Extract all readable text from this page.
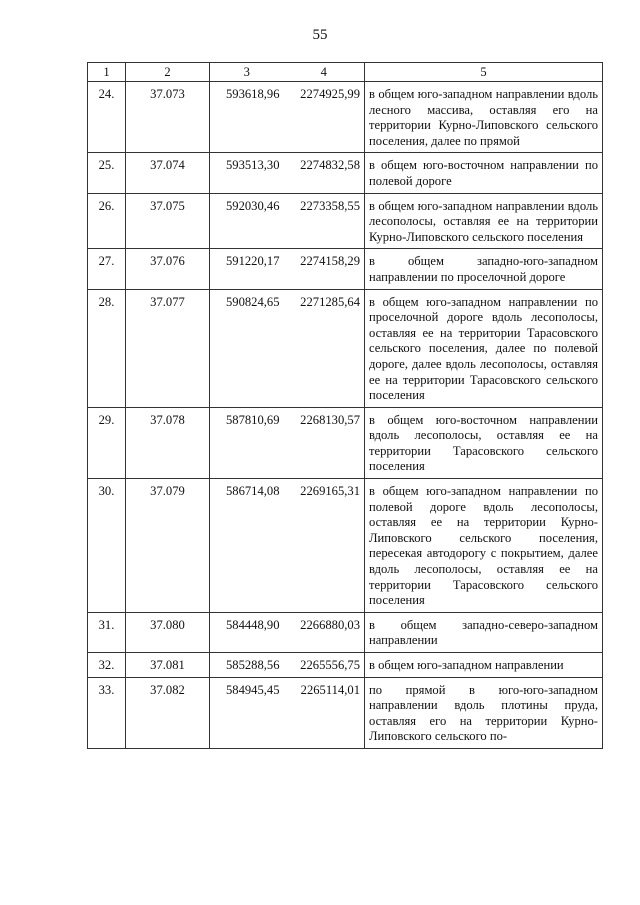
55
1	2	3	4	5
24.	37.073	593618,96	2274925,99	в общем юго-западном направлении вдоль лесного массива, оставляя его на территории Курно-Липовского сельского поселения, далее по прямой
25.	37.074	593513,30	2274832,58	в общем юго-восточном направлении по полевой дороге
26.	37.075	592030,46	2273358,55	в общем юго-западном направлении вдоль лесополосы, оставляя ее на территории Курно-Липовского сельского поселения
27.	37.076	591220,17	2274158,29	в общем западно-юго-западном направлении по проселочной дороге
28.	37.077	590824,65	2271285,64	в общем юго-западном направлении по проселочной дороге вдоль лесополосы, оставляя ее на территории Тарасовского сельского поселения, далее по полевой дороге, далее вдоль лесополосы, оставляя ее на территории Тарасовского сельского поселения
29.	37.078	587810,69	2268130,57	в общем юго-восточном направлении вдоль лесополосы, оставляя ее на территории Тарасовского сельского поселения
30.	37.079	586714,08	2269165,31	в общем юго-западном направлении по полевой дороге вдоль лесополосы, оставляя ее на территории Курно-Липовского сельского поселения, пересекая автодорогу с покрытием, далее вдоль лесополосы, оставляя ее на территории Тарасовского сельского поселения
31.	37.080	584448,90	2266880,03	в общем западно-северо-западном направлении
32.	37.081	585288,56	2265556,75	в общем юго-западном направлении
33.	37.082	584945,45	2265114,01	по прямой в юго-юго-западном направлении вдоль плотины пруда, оставляя его на территории Курно-Липовского сельского по-
